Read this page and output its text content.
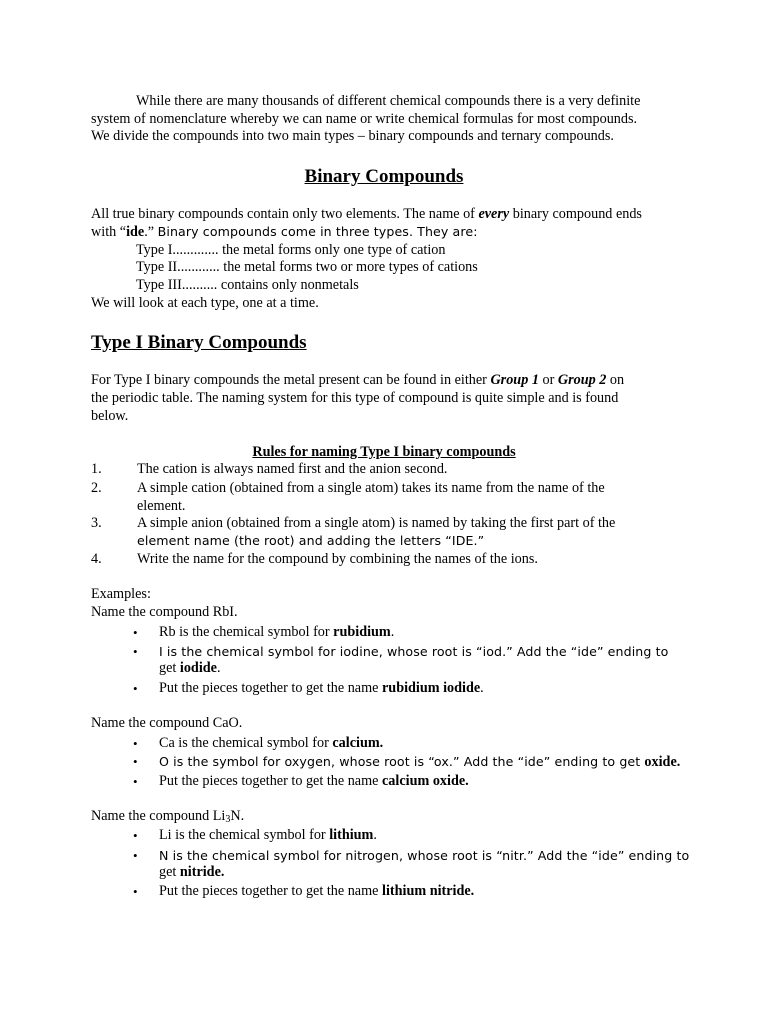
While there are many thousands of different chemical compounds there is a very definite
system of nomenclature whereby we can name or write chemical formulas for most compounds.
We divide the compounds into two main types – binary compounds and ternary compounds.
Binary Compounds
All true binary compounds contain only two elements. The name of every binary compound ends
with “ide.” Binary compounds come in three types. They are:
Type I............. the metal forms only one type of cation
Type II............ the metal forms two or more types of cations
Type III.......... contains only nonmetals
We will look at each type, one at a time.
Type I Binary Compounds
For Type I binary compounds the metal present can be found in either Group 1 or Group 2 on
the periodic table. The naming system for this type of compound is quite simple and is found
below.
Rules for naming Type I binary compounds
1. The cation is always named first and the anion second.
2. A simple cation (obtained from a single atom) takes its name from the name of the
element.
3. A simple anion (obtained from a single atom) is named by taking the first part of the
element name (the root) and adding the letters “IDE.”
4. Write the name for the compound by combining the names of the ions.
Examples:
Name the compound RbI.
• Rb is the chemical symbol for rubidium.
• I is the chemical symbol for iodine, whose root is “iod.” Add the “ide” ending to
get iodide.
• Put the pieces together to get the name rubidium iodide.
Name the compound CaO.
• Ca is the chemical symbol for calcium.
• O is the symbol for oxygen, whose root is “ox.” Add the “ide” ending to get oxide.
• Put the pieces together to get the name calcium oxide.
Name the compound $Li_3N$.
• Li is the chemical symbol for lithium.
• N is the chemical symbol for nitrogen, whose root is “nitr.” Add the “ide” ending to
get nitride.
• Put the pieces together to get the name lithium nitride.
